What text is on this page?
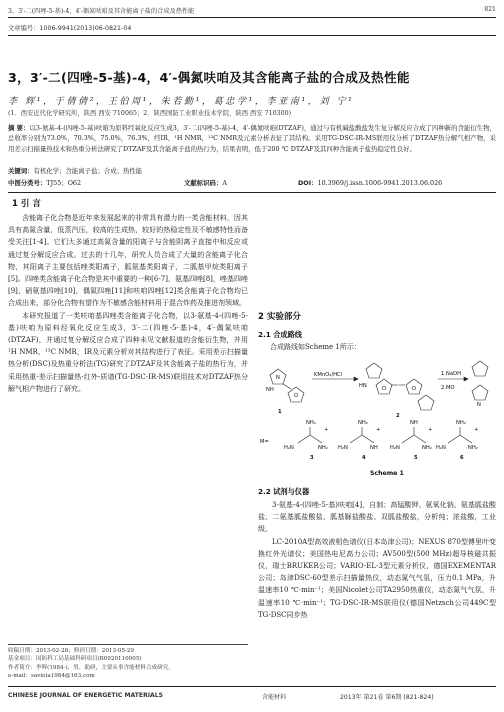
3，3′-二(四唑-5-基)-4，4′-偶氮呋咱及其含能离子盐的合成及热性能	821
文章编号：1006-9941(2013)06-0821-04
3，3′-二(四唑-5-基)-4，4′-偶氮呋咱及其含能离子盐的合成及热性能
李 辉¹，于倩倩²，王伯周¹，朱若勤¹，葛忠学¹，李亚南¹，刘 宁¹
(1．西安近代化学研究所，陕西 西安 710065；2．陕西国防工业职业技术学院，陕西 西安 710300)
摘 要：以3-氨基-4-(四唑-5-基)呋咱为原料经氧化反应生成3，3′-二(四唑-5-基)-4，4′-偶氮呋咱(DTZAF)，通过与有机碱盐酸盐发生复分解反应合成了四种新的含能衍生物，总收率分别为73.0%，70.3%，75.0%，76.3%，经IR，¹H NMR，¹³C NMR及元素分析表征了其结构。采用TG-DSC-IR-MS联用仪分析了DTZAF热分解气相产物，采用差示扫描量热技术和热重分析法研究了DTZAF及其含能离子盐的热行为，结果表明，低于200 ℃ DTZAF及其四种含能离子盐热稳定性良好。
关键词：有机化学；含能离子盐；合成；热性能
中图分类号：TJ55；O62	文献标识码：A	DOI：10.3969/j.issn.1006-9941.2013.06.026
1 引 言

含能离子化合物是近年来发展起来的非常具有潜力的一类含能材料，因其具有高氮含量，低蒸汽压，较高的生成热，较好的热稳定性及不敏感特性而备受关注[1-4]。它们大多通过高氮含量的阳离子与含能阴离子直接中和反应或通过复分解反应合成。过去的十几年，研究人员合成了大量的含能离子化合物，其阳离子主要包括唑类阳离子，胍氨基类阳离子，二胍基甲烷类阳离子[5]。四唑类含能离子化合物是其中重要的一种[6-7]，氨基四唑[8]，唑基四唑[9]，硝氨基四唑[10]，偶氮四唑[11]和呋咱四唑[12]类含能离子化合物均已合成出来，部分化合物有望作为不敏感含能材料用于混合炸药及推进剂领域。

本研究报道了一类呋咱基四唑类含能离子化合物，以3-氨基-4-(四唑-5-基)呋咱为原料经氧化反应生成3，3′-二(四唑-5-基)-4，4′-偶氮呋咱(DTZAF)，并通过复分解反应合成了四种未见文献报道的含能衍生物，并用¹H NMR，¹³C NMR，IR及元素分析对其结构进行了表征。采用差示扫描量热分析(DSC)及热重分析法(TG)研究了DTZAF及其含能离子盐的热行为，并采用热重-差示扫描量热-红外-质谱(TG-DSC-IR-MS)联用技术对DTZAF热分解气相产物进行了研究。

收稿日期：2013-02-28；修回日期：2013-05-29
基金项目：国防科工局基础科研项目(B0920110005)
作者简介：李辉(1984-)，男，助研，主要从事含能材料合成研究。
e-mail：saviola1984@163.com
2 实验部分
2.1 合成路线
合成路线如Scheme 1所示：
N
O
NH
KMnO₄/HCl
HN	O	O
1.NaOH
2.MO
N
M=
H₂N	NH₂
NH₂
H₂N	NH
NH₂
H₂N	NH₂
NH
H₂N	NH₂
NH₂
+	+	+	+
1
2
3	4	5	6
Scheme 1
2.2 试剂与仪器

3-氨基-4-(四唑-5-基)呋咱[4]，自制；高锰酸钾、氨氧化钠、氨基胍盐酸盐、二氨基胍盐酸盐、胍基脲盐酸盐、双胍盐酸盐，分析纯；浓盐酸，工业级。

LC-2010A型高效液相色谱仪(日本岛津公司)；NEXUS 870型傅里叶变换红外光谱仪；美国热电尼高力公司；AV500型(500 MHz)超导核磁共振仪，瑞士BRUKER公司；VARIO-EL-3型元素分析仪，德国EXEMENTAR公司；岛津DSC-60型差示扫描量热仪，动态氮气气氛，压力0.1 MPa，升温速率10 ℃·min⁻¹；美国Nicolet公司TA2950热重仪，动态氮气气氛，升温速率10 ℃·min⁻¹；TG-DSC-IR-MS联用仪(德国Netzsch公司449C型TG-DSC同步热

CHINESE JOURNAL OF ENERGETIC MATERIALS	含能材料	2013年 第21卷 第6期 (821-824)
